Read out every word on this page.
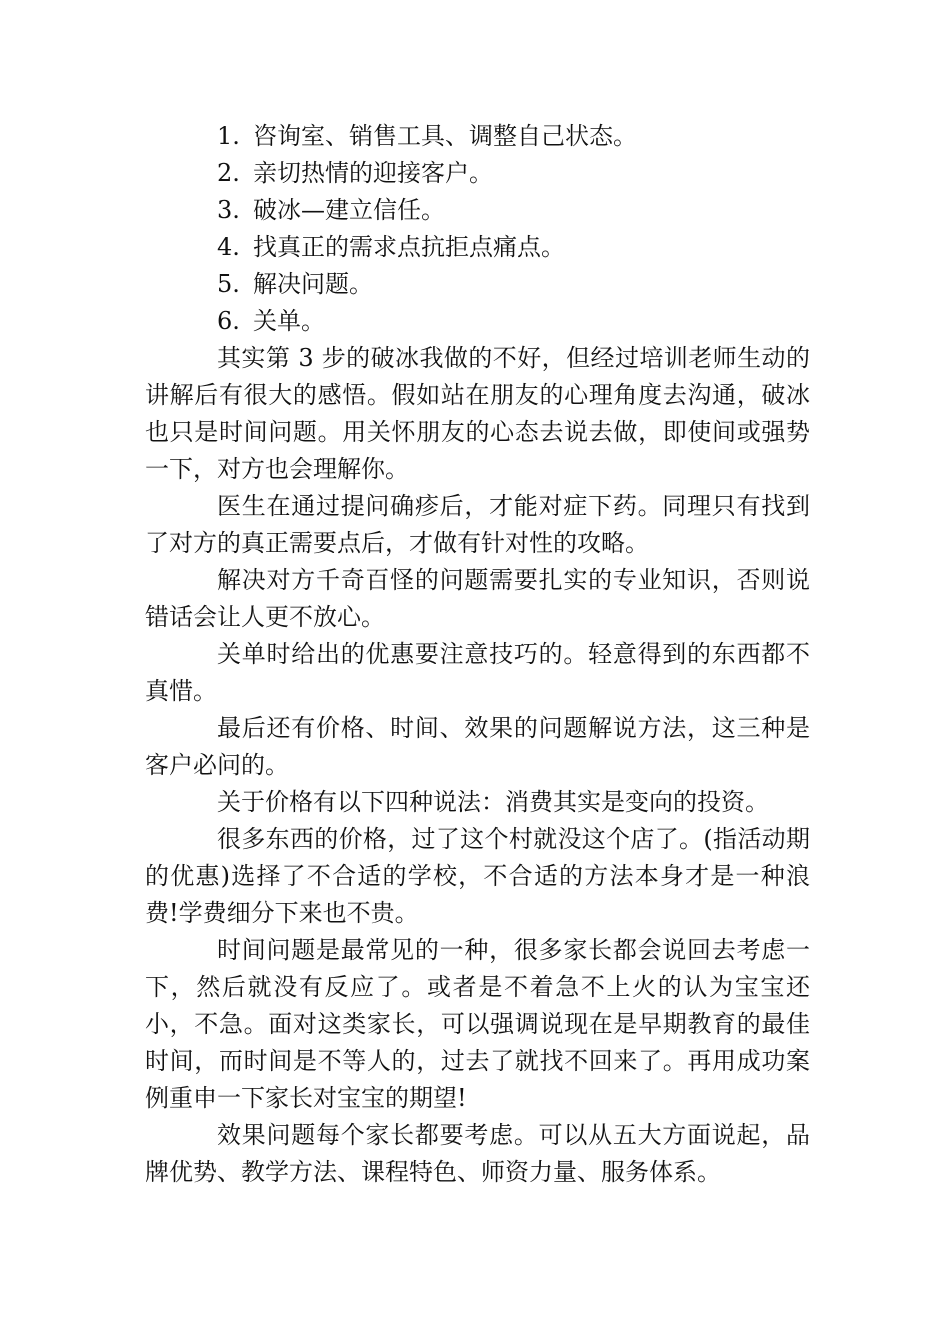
1. 咨询室、销售工具、调整自己状态。

2. 亲切热情的迎接客户。

3. 破冰—建立信任。

4. 找真正的需求点抗拒点痛点。

5. 解决问题。

6. 关单。

其实第 3 步的破冰我做的不好，但经过培训老师生动的讲解后有很大的感悟。假如站在朋友的心理角度去沟通，破冰也只是时间问题。用关怀朋友的心态去说去做，即使间或强势一下，对方也会理解你。

医生在通过提问确疹后，才能对症下药。同理只有找到了对方的真正需要点后，才做有针对性的攻略。

解决对方千奇百怪的问题需要扎实的专业知识，否则说错话会让人更不放心。

关单时给出的优惠要注意技巧的。轻意得到的东西都不真惜。

最后还有价格、时间、效果的问题解说方法，这三种是客户必问的。

关于价格有以下四种说法：消费其实是变向的投资。

很多东西的价格，过了这个村就没这个店了。(指活动期的优惠)选择了不合适的学校，不合适的方法本身才是一种浪费!学费细分下来也不贵。

时间问题是最常见的一种，很多家长都会说回去考虑一下，然后就没有反应了。或者是不着急不上火的认为宝宝还小，不急。面对这类家长，可以强调说现在是早期教育的最佳时间，而时间是不等人的，过去了就找不回来了。再用成功案例重申一下家长对宝宝的期望!

效果问题每个家长都要考虑。可以从五大方面说起，品牌优势、教学方法、课程特色、师资力量、服务体系。
